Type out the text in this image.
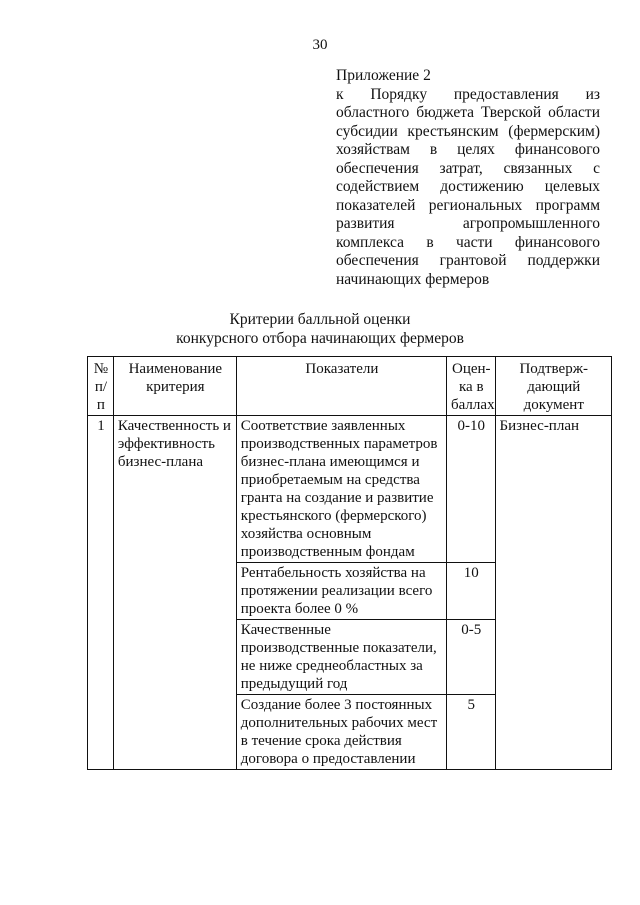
30
Приложение 2
к Порядку предоставления из областного бюджета Тверской области субсидии крестьянским (фермерским) хозяйствам в целях финансового обеспечения затрат, связанных с содействием достижению целевых показателей региональных программ развития агропромышленного комплекса в части финансового обеспечения грантовой поддержки начинающих фермеров
Критерии балльной оценки
конкурсного отбора начинающих фермеров
№ п/п	Наименование критерия	Показатели	Оцен-ка в баллах	Подтверж-дающий документ
1	Качественность и эффективность бизнес-плана	Соответствие заявленных производственных параметров бизнес-плана имеющимся и приобретаемым на средства гранта на создание и развитие крестьянского (фермерского) хозяйства основным производственным фондам	0-10	Бизнес-план
		Рентабельность хозяйства на протяжении реализации всего проекта более 0 %	10	
		Качественные производственные показатели, не ниже среднеобластных за предыдущий год	0-5	
		Создание более 3 постоянных дополнительных рабочих мест в течение срока действия договора о предоставлении	5	
